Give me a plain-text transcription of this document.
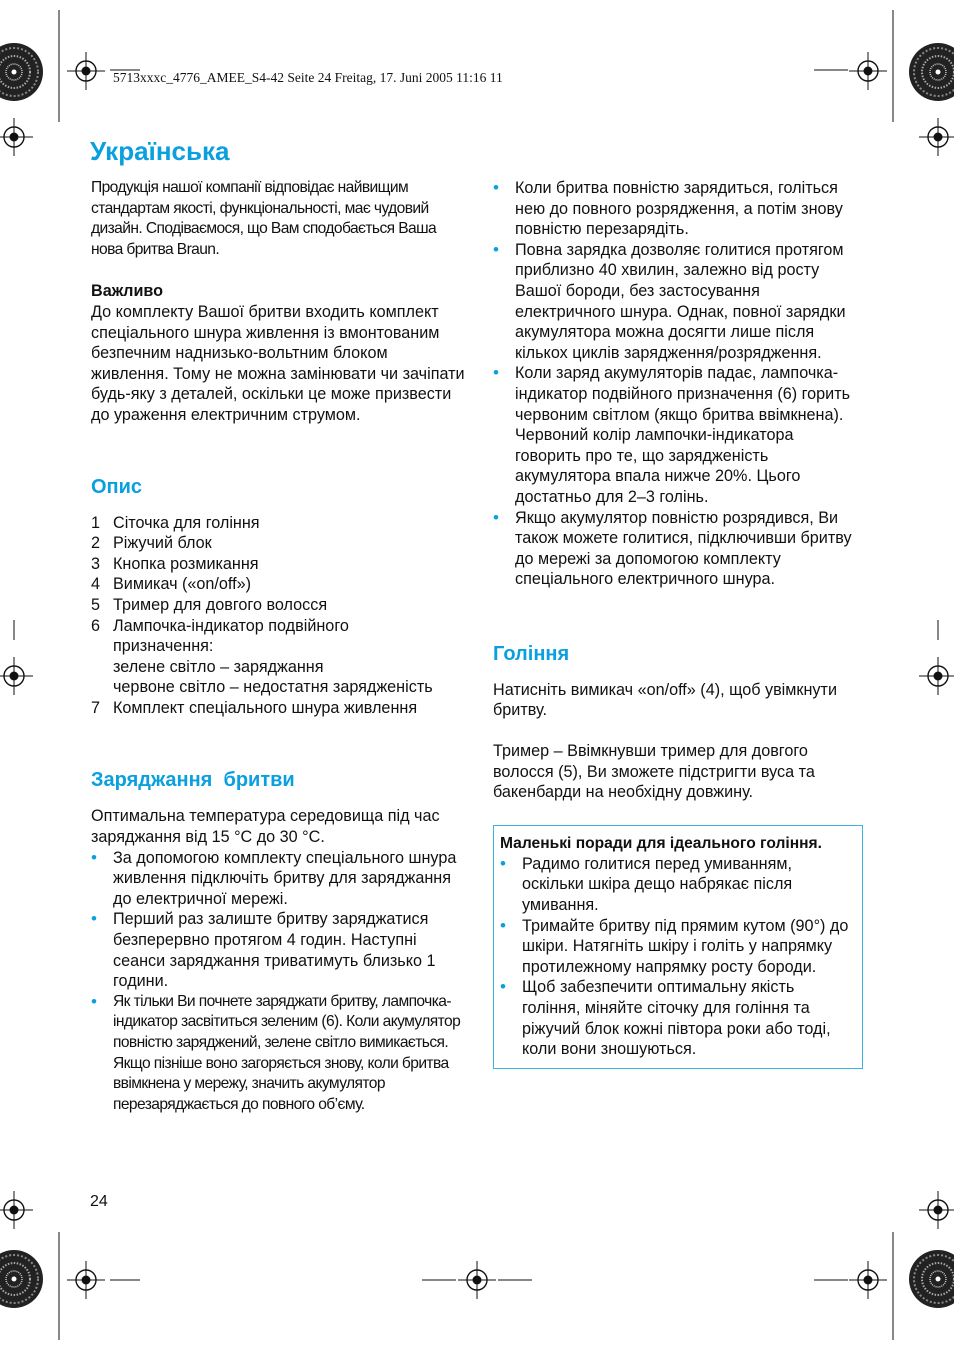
5713xxxc_4776_AMEE_S4-42 Seite 24 Freitag, 17. Juni 2005 11:16 11
Українська

Продукція нашої компанії відповідає найвищим стандартам якості, функціональності, має чудовий дизайн. Сподіваємося, що Вам сподобається Ваша нова бритва Braun.

Важливо

До комплекту Вашої бритви входить комплект спеціального шнура живлення із вмонтованим безпечним наднизько-вольтним блоком живлення. Тому не можна замінювати чи зачіпати будь-яку з деталей, оскільки це може призвести до ураження електричним струмом.

Опис
1 Сіточка для гоління
2 Ріжучий блок
3 Кнопка розмикання
4 Вимикач («on/off»)
5 Тример для довгого волосся
6 Лампочка-індикатор подвійного призначення:
зелене світло – заряджання
червоне світло – недостатня зарядженість
7 Комплект спеціального шнура живлення
Заряджання  бритви

Оптимальна температура середовища під час заряджання від 15 °C до 30 °C.

• За допомогою комплекту спеціального шнура живлення підключіть бритву для заряджання до електричної мережі.
• Перший раз залиште бритву заряджатися безперервно протягом 4 годин. Наступні сеанси заряджання триватимуть близько 1 години.
• Як тільки Ви почнете заряджати бритву, лампочка-індикатор засвітиться зеленим (6). Коли акумулятор повністю заряджений, зелене світло вимикається. Якщо пізніше воно загоряється знову, коли бритва ввімкнена у мережу, значить акумулятор перезаряджається до повного об’єму.
• Коли бритва повністю зарядиться, голіться нею до повного розрядження, а потім знову повністю перезарядіть.
• Повна зарядка дозволяє голитися протягом приблизно 40 хвилин, залежно від росту Вашої бороди, без застосування електричного шнура. Однак, повної зарядки акумулятора можна досягти лише після кількох циклів зарядження/розрядження.
• Коли заряд акумуляторів падає, лампочка-індикатор подвійного призначення (6) горить червоним світлом (якщо бритва ввімкнена). Червоний колір лампочки-індикатора говорить про те, що зарядженість акумулятора впала нижче 20%. Цього достатньо для 2–3 голінь.
• Якщо акумулятор повністю розрядився, Ви також можете голитися, підключивши бритву до мережі за допомогою комплекту спеціального електричного шнура.
Гоління

Натисніть вимикач «on/off» (4), щоб увімкнути бритву.

Тример – Ввімкнувши тример для довгого волосся (5), Ви зможете підстригти вуса та бакенбарди на необхідну довжину.

Маленькі поради для ідеального гоління.

• Радимо голитися перед умиванням, оскільки шкіра дещо набрякає після умивання.
• Тримайте бритву під прямим кутом (90°) до шкіри. Натягніть шкіру і голіть у напрямку протилежному напрямку росту бороди.
• Щоб забезпечити оптимальну якість гоління, міняйте сіточку для гоління та ріжучий блок кожні півтора роки або тоді, коли вони зношуються.
24
